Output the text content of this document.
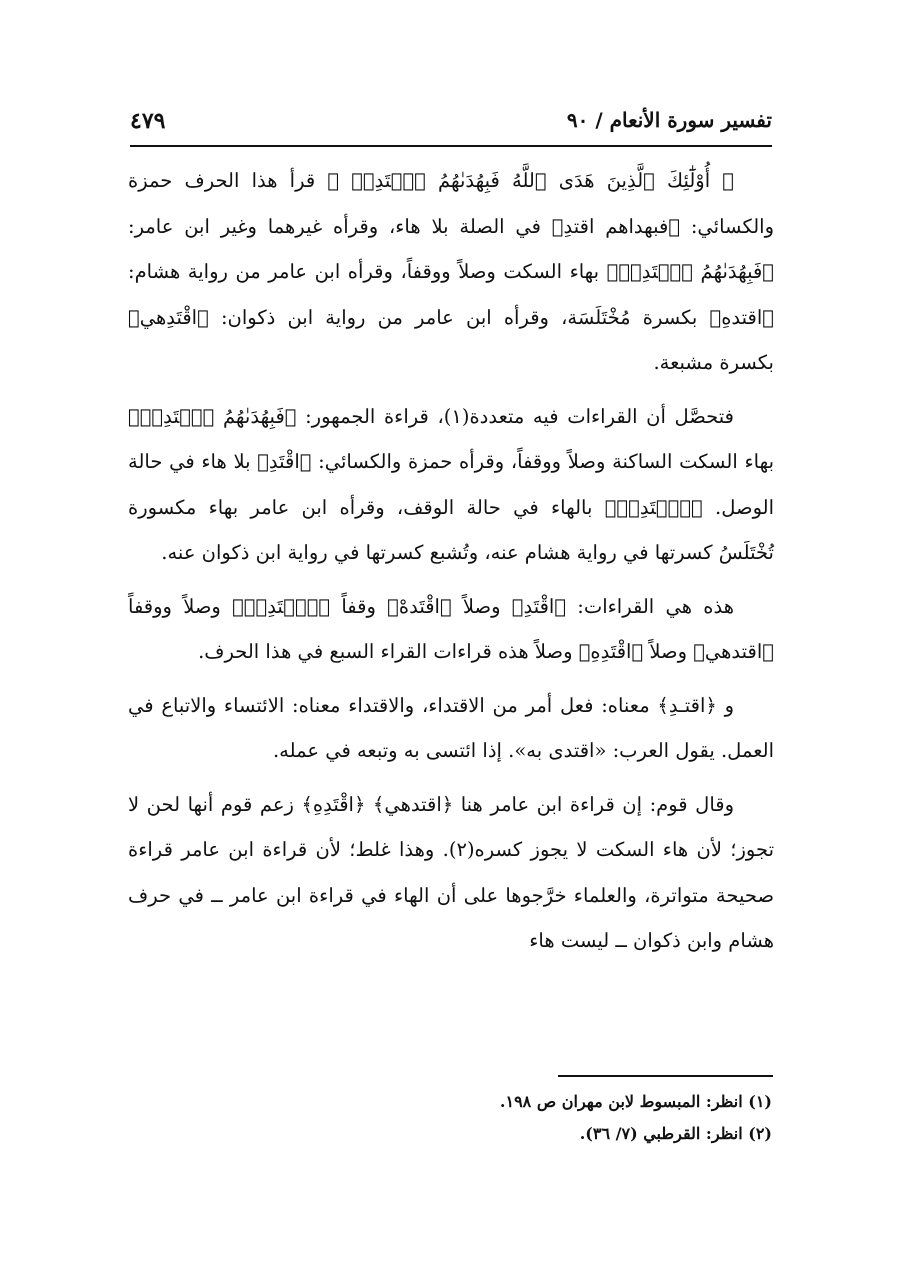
تفسير سورة الأنعام / ٩٠
٤٧٩

﴿ أُوْلَٰٓئِكَ ٱلَّذِينَ هَدَى ٱللَّهُ فَبِهُدَىٰهُمُ ٱقۡتَدِهۡ ﴾ قرأ هذا الحرف حمزة والكسائي: ﴿فبهداهم اقتدِ﴾ في الصلة بلا هاء، وقرأه غيرهما وغير ابن عامر: ﴿فَبِهُدَىٰهُمُ ٱقۡتَدِهۡ﴾ بهاء السكت وصلاً ووقفاً، وقرأه ابن عامر من رواية هشام: ﴿اقتدهِ﴾ بكسرة مُخْتَلَسَة، وقرأه ابن عامر من رواية ابن ذكوان: ﴿اقْتَدِهي﴾ بكسرة مشبعة.

فتحصَّل أن القراءات فيه متعددة(١)، قراءة الجمهور: ﴿فَبِهُدَىٰهُمُ ٱقۡتَدِهۡ﴾ بهاء السكت الساكنة وصلاً ووقفاً، وقرأه حمزة والكسائي: ﴿اقْتَدِ﴾ بلا هاء في حالة الوصل. ﴿ٱقۡتَدِهۡ﴾ بالهاء في حالة الوقف، وقرأه ابن عامر بهاء مكسورة تُخْتَلَسُ كسرتها في رواية هشام عنه، وتُشبع كسرتها في رواية ابن ذكوان عنه.

هذه هي القراءات: ﴿اقْتَدِ﴾ وصلاً ﴿اقْتَدهْ﴾ وقفاً ﴿ٱقۡتَدِهۡ﴾ وصلاً ووقفاً ﴿اقتدهي﴾ وصلاً ﴿اقْتَدِهِ﴾ وصلاً هذه قراءات القراء السبع في هذا الحرف.

و ﴿اقتـدِ﴾ معناه: فعل أمر من الاقتداء، والاقتداء معناه: الائتساء والاتباع في العمل. يقول العرب: «اقتدى به». إذا ائتسى به وتبعه في عمله.

وقال قوم: إن قراءة ابن عامر هنا ﴿اقتدهي﴾ ﴿اقْتَدِهِ﴾ زعم قوم أنها لحن لا تجوز؛ لأن هاء السكت لا يجوز كسره(٢). وهذا غلط؛ لأن قراءة ابن عامر قراءة صحيحة متواترة، والعلماء خرَّجوها على أن الهاء في قراءة ابن عامر ــ في حرف هشام وابن ذكوان ــ ليست هاء

(١) انظر: المبسوط لابن مهران ص ١٩٨.

(٢) انظر: القرطبي (٧/ ٣٦).
